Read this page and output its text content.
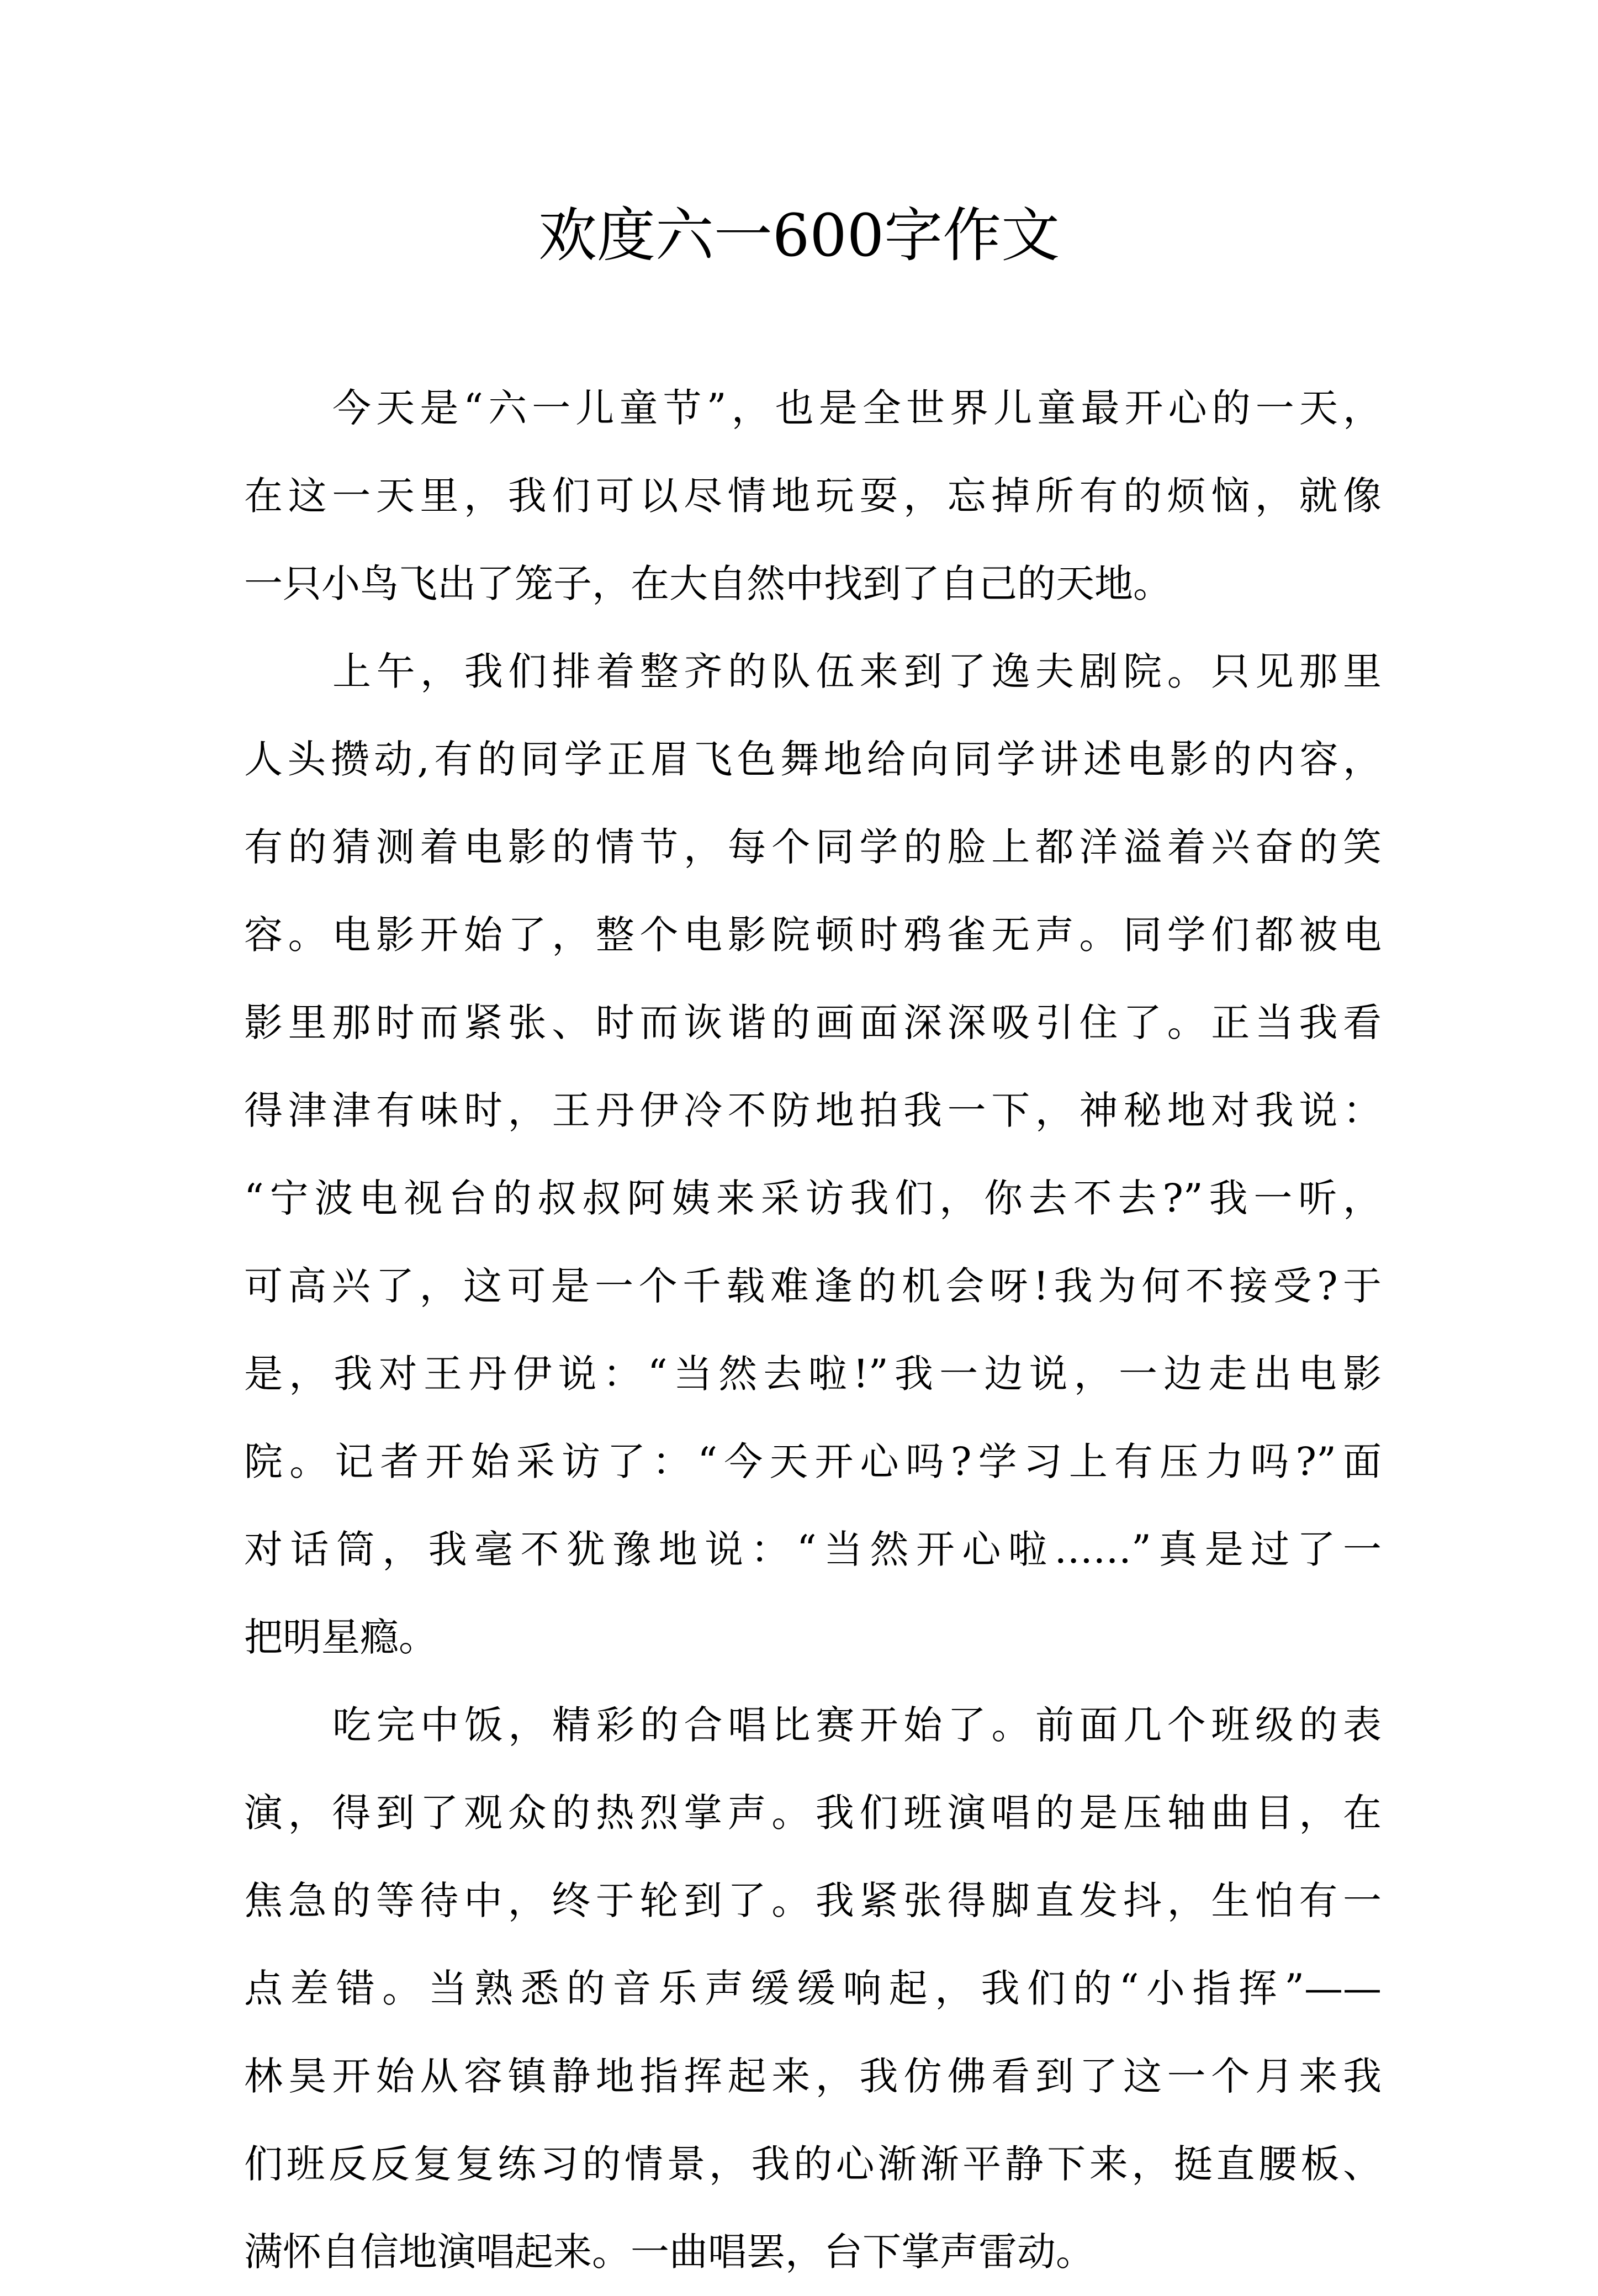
欢度六一600字作文
今天是“六一儿童节”，也是全世界儿童最开心的一天，
在这一天里，我们可以尽情地玩耍，忘掉所有的烦恼，就像
一只小鸟飞出了笼子，在大自然中找到了自己的天地。
上午，我们排着整齐的队伍来到了逸夫剧院。只见那里
人头攒动,有的同学正眉飞色舞地给向同学讲述电影的内容，
有的猜测着电影的情节，每个同学的脸上都洋溢着兴奋的笑
容。电影开始了，整个电影院顿时鸦雀无声。同学们都被电
影里那时而紧张、时而诙谐的画面深深吸引住了。正当我看
得津津有味时，王丹伊冷不防地拍我一下，神秘地对我说：
“宁波电视台的叔叔阿姨来采访我们，你去不去?”我一听，
可高兴了，这可是一个千载难逢的机会呀!我为何不接受?于
是，我对王丹伊说：“当然去啦!”我一边说，一边走出电影
院。记者开始采访了：“今天开心吗?学习上有压力吗?”面
对话筒，我毫不犹豫地说：“当然开心啦……”真是过了一
把明星瘾。
吃完中饭，精彩的合唱比赛开始了。前面几个班级的表
演，得到了观众的热烈掌声。我们班演唱的是压轴曲目，在
焦急的等待中，终于轮到了。我紧张得脚直发抖，生怕有一
点差错。当熟悉的音乐声缓缓响起，我们的“小指挥”——
林昊开始从容镇静地指挥起来，我仿佛看到了这一个月来我
们班反反复复练习的情景，我的心渐渐平静下来，挺直腰板、
满怀自信地演唱起来。一曲唱罢，台下掌声雷动。
